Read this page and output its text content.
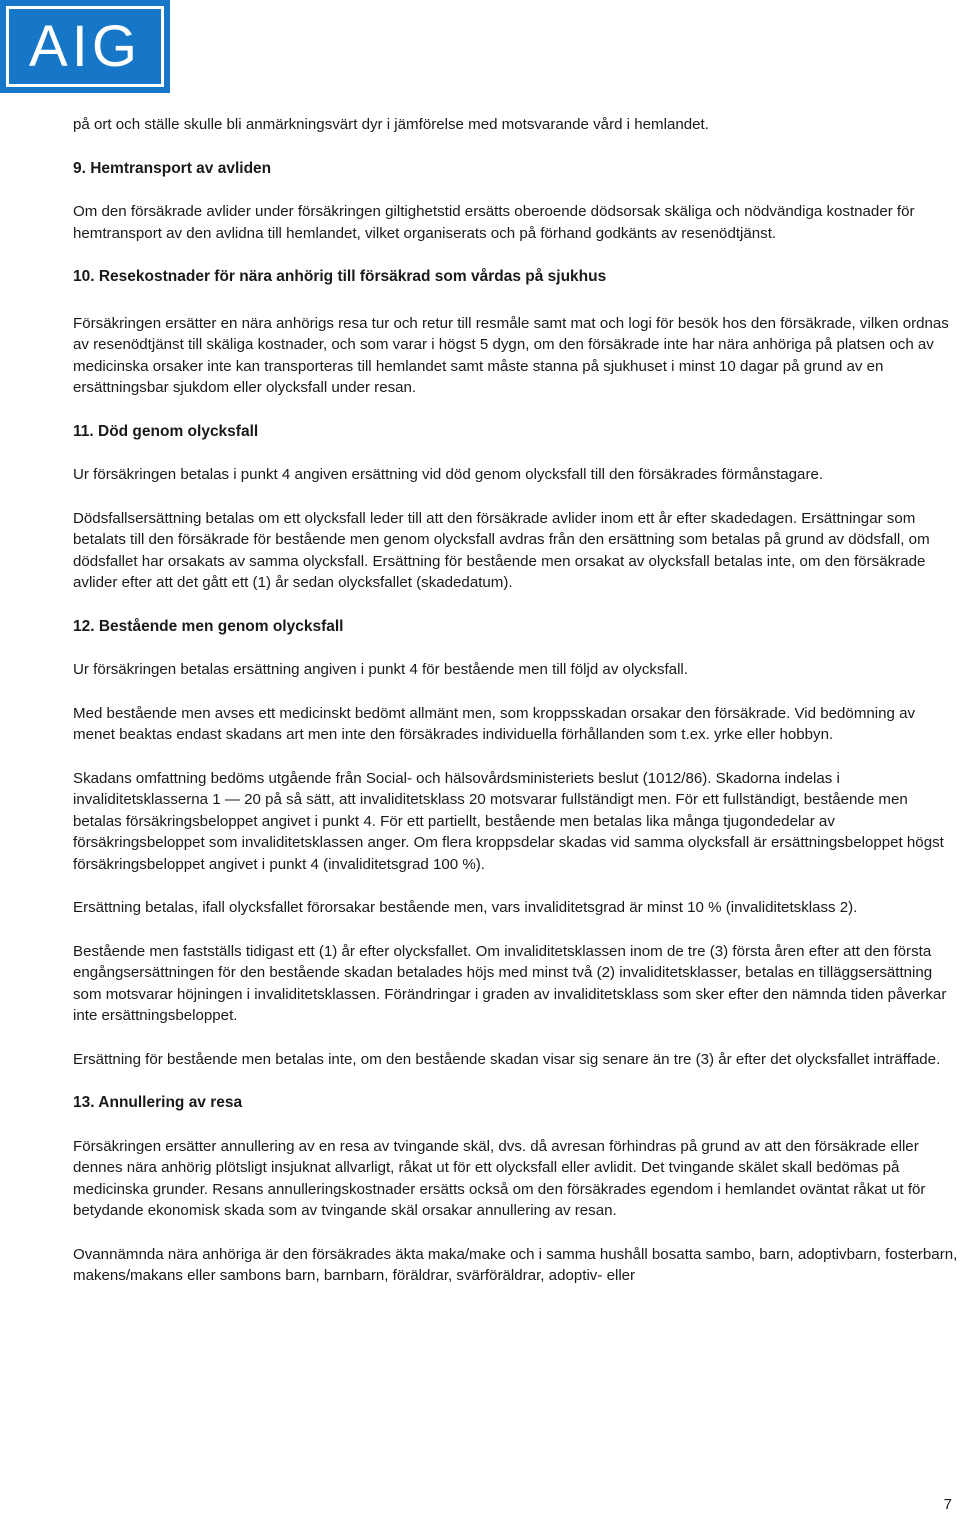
AIG

på ort och ställe skulle bli anmärkningsvärt dyr i jämförelse med motsvarande vård i hemlandet.

9. Hemtransport av avliden

Om den försäkrade avlider under försäkringen giltighetstid ersätts oberoende dödsorsak skäliga och nödvändiga kostnader för hemtransport av den avlidna till hemlandet, vilket organiserats och på förhand godkänts av resenödtjänst.

10. Resekostnader för nära anhörig till försäkrad som vårdas på sjukhus

Försäkringen ersätter en nära anhörigs resa tur och retur till resmåle samt mat och logi för besök hos den försäkrade, vilken ordnas av resenödtjänst till skäliga kostnader, och som varar i högst 5 dygn, om den försäkrade inte har nära anhöriga på platsen och av medicinska orsaker inte kan transporteras till hemlandet samt måste stanna på sjukhuset i minst 10 dagar på grund av en ersättningsbar sjukdom eller olycksfall under resan.

11. Död genom olycksfall

Ur försäkringen betalas i punkt 4 angiven ersättning vid död genom olycksfall till den försäkrades förmånstagare.

Dödsfallsersättning betalas om ett olycksfall leder till att den försäkrade avlider inom ett år efter skadedagen. Ersättningar som betalats till den försäkrade för bestående men genom olycksfall avdras från den ersättning som betalas på grund av dödsfall, om dödsfallet har orsakats av samma olycksfall. Ersättning för bestående men orsakat av olycksfall betalas inte, om den försäkrade avlider efter att det gått ett (1) år sedan olycksfallet (skadedatum).

12. Bestående men genom olycksfall

Ur försäkringen betalas ersättning angiven i punkt 4 för bestående men till följd av olycksfall.

Med bestående men avses ett medicinskt bedömt allmänt men, som kroppsskadan orsakar den försäkrade. Vid bedömning av menet beaktas endast skadans art men inte den försäkrades individuella förhållanden som t.ex. yrke eller hobbyn.

Skadans omfattning bedöms utgående från Social- och hälsovårdsministeriets beslut (1012/86). Skadorna indelas i invaliditetsklasserna 1 — 20 på så sätt, att invaliditetsklass 20 motsvarar fullständigt men. För ett fullständigt, bestående men betalas försäkringsbeloppet angivet i punkt 4. För ett partiellt, bestående men betalas lika många tjugondedelar av försäkringsbeloppet som invaliditetsklassen anger. Om flera kroppsdelar skadas vid samma olycksfall är ersättningsbeloppet högst försäkringsbeloppet angivet i punkt 4 (invaliditetsgrad 100 %).

Ersättning betalas, ifall olycksfallet förorsakar bestående men, vars invaliditetsgrad är minst 10 % (invaliditetsklass 2).

Bestående men fastställs tidigast ett (1) år efter olycksfallet. Om invaliditetsklassen inom de tre (3) första åren efter att den första engångsersättningen för den bestående skadan betalades höjs med minst två (2) invaliditetsklasser, betalas en tilläggsersättning som motsvarar höjningen i invaliditetsklassen. Förändringar i graden av invaliditetsklass som sker efter den nämnda tiden påverkar inte ersättningsbeloppet.

Ersättning för bestående men betalas inte, om den bestående skadan visar sig senare än tre (3) år efter det olycksfallet inträffade.

13. Annullering av resa

Försäkringen ersätter annullering av en resa av tvingande skäl, dvs. då avresan förhindras på grund av att den försäkrade eller dennes nära anhörig plötsligt insjuknat allvarligt, råkat ut för ett olycksfall eller avlidit. Det tvingande skälet skall bedömas på medicinska grunder. Resans annulleringskostnader ersätts också om den försäkrades egendom i hemlandet oväntat råkat ut för betydande ekonomisk skada som av tvingande skäl orsakar annullering av resan.

Ovannämnda nära anhöriga är den försäkrades äkta maka/make och i samma hushåll bosatta sambo, barn, adoptivbarn, fosterbarn, makens/makans eller sambons barn, barnbarn, föräldrar, svärföräldrar, adoptiv- eller

7
